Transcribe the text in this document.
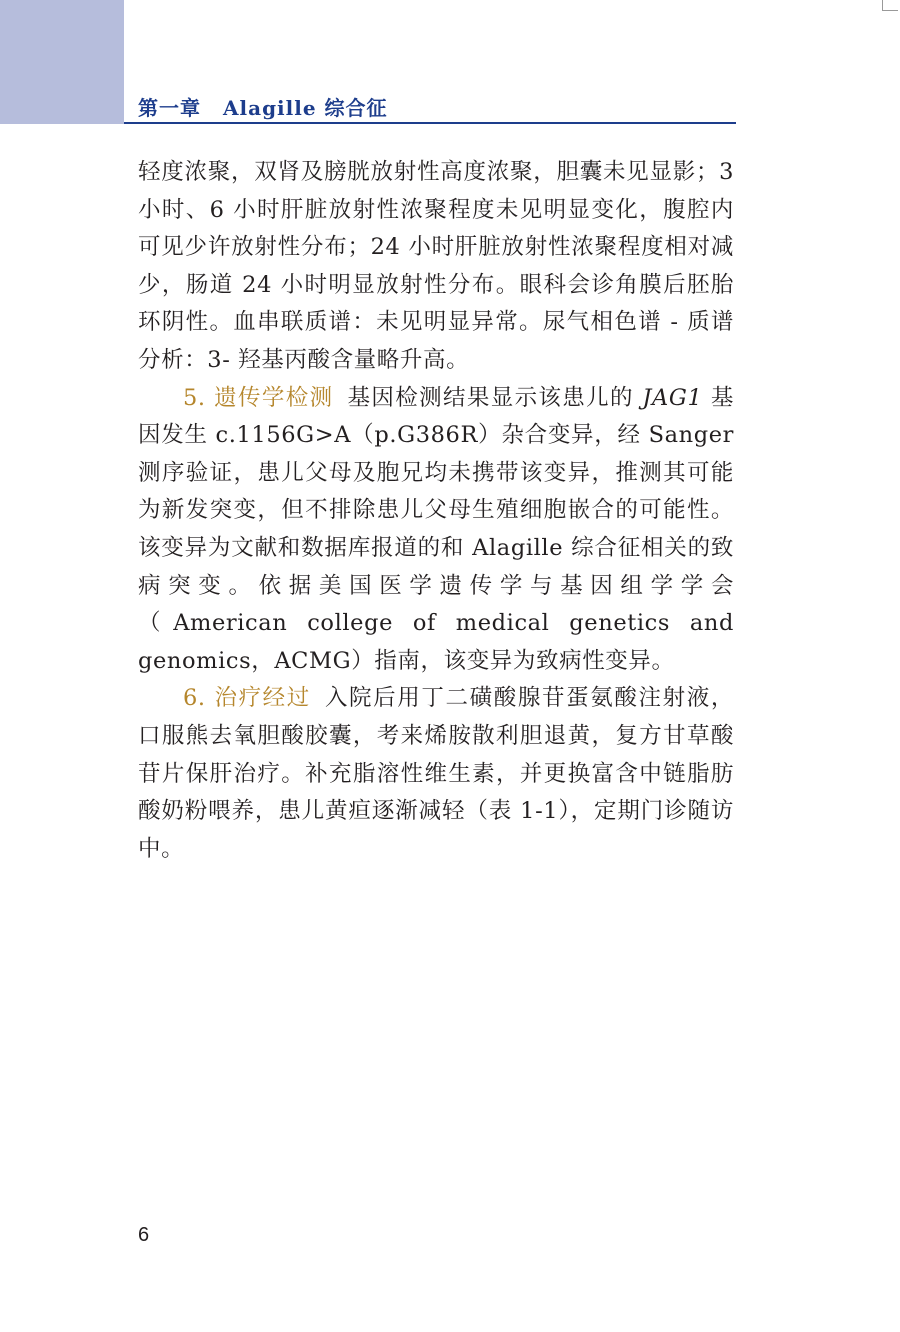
第一章 Alagille 综合征

轻度浓聚，双肾及膀胱放射性高度浓聚，胆囊未见显影；3 小时、6 小时肝脏放射性浓聚程度未见明显变化，腹腔内可见少许放射性分布；24 小时肝脏放射性浓聚程度相对减少，肠道 24 小时明显放射性分布。眼科会诊角膜后胚胎环阴性。血串联质谱：未见明显异常。尿气相色谱 - 质谱分析：3- 羟基丙酸含量略升高。

5. 遗传学检测 基因检测结果显示该患儿的 JAG1 基因发生 c.1156G>A（p.G386R）杂合变异，经 Sanger 测序验证，患儿父母及胞兄均未携带该变异，推测其可能为新发突变，但不排除患儿父母生殖细胞嵌合的可能性。该变异为文献和数据库报道的和 Alagille 综合征相关的致病突变。依据美国医学遗传学与基因组学学会（American college of medical genetics and genomics，ACMG）指南，该变异为致病性变异。

6. 治疗经过 入院后用丁二磺酸腺苷蛋氨酸注射液，口服熊去氧胆酸胶囊，考来烯胺散利胆退黄，复方甘草酸苷片保肝治疗。补充脂溶性维生素，并更换富含中链脂肪酸奶粉喂养，患儿黄疸逐渐减轻（表 1-1），定期门诊随访中。

6
